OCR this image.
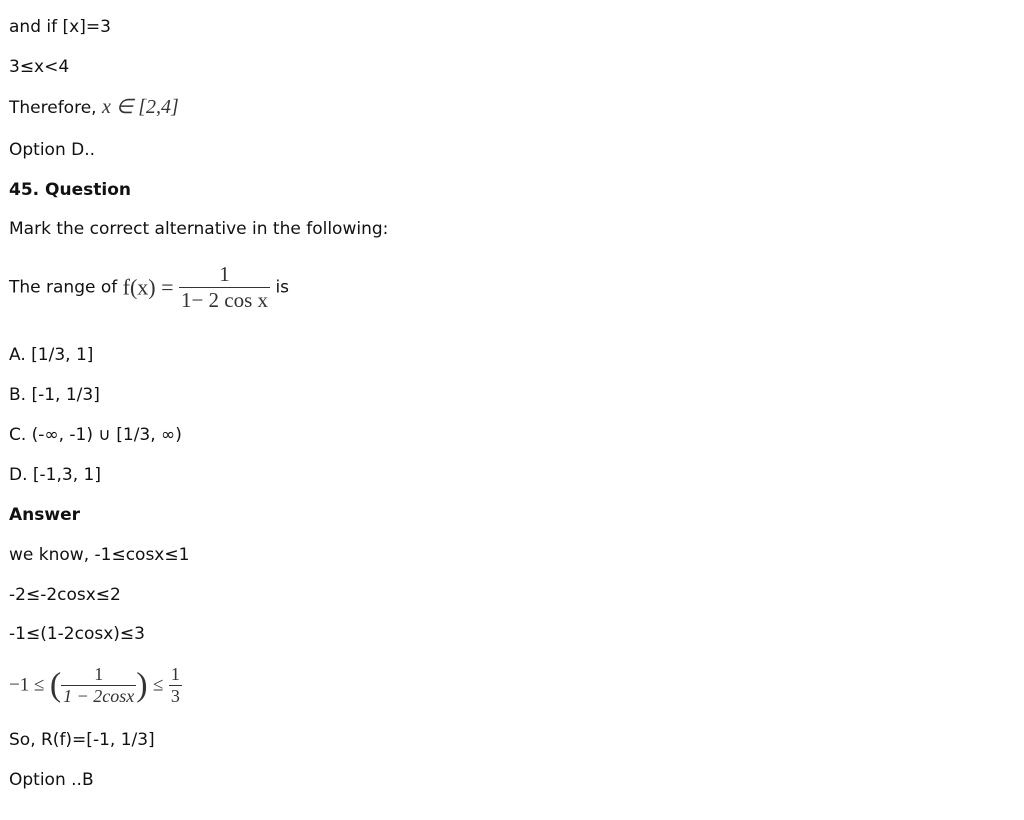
and if [x]=3
3≤x<4
Therefore, x ∈ [2,4]
Option D..
45. Question
Mark the correct alternative in the following:
The range of $f(x) = \frac{1}{\text{1− 2 cos x}}$ is
A. [1/3, 1]
B. [-1, 1/3]
C. (-∞, -1) ∪ [1/3, ∞)
D. [-1,3, 1]
Answer
we know, -1≤cosx≤1
-2≤-2cosx≤2
-1≤(1-2cosx)≤3
−1 ≤ ( $\frac{1}{1 - 2\cos x}$ ) ≤ $\frac{1}{3}$
So, R(f)=[-1, 1/3]
Option ..B
